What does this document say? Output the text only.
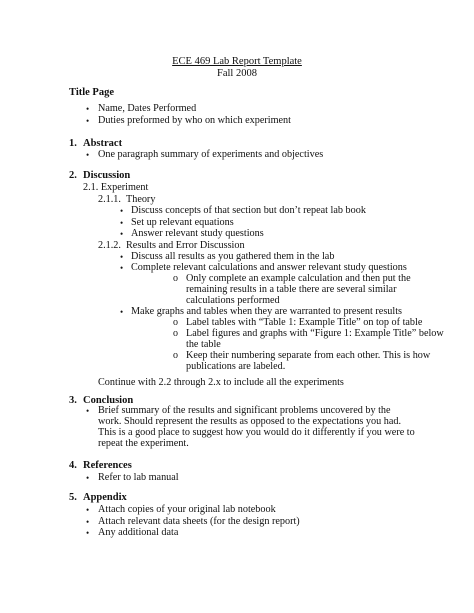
ECE 469 Lab Report Template
Fall 2008
Title Page
• Name, Dates Performed
• Duties preformed by who on which experiment
1. Abstract
• One paragraph summary of experiments and objectives
2. Discussion
2.1. Experiment
2.1.1. Theory
• Discuss concepts of that section but don’t repeat lab book
• Set up relevant equations
• Answer relevant study questions
2.1.2. Results and Error Discussion
• Discuss all results as you gathered them in the lab
• Complete relevant calculations and answer relevant study questions
o Only complete an example calculation and then put the
remaining results in a table there are several similar
calculations performed
• Make graphs and tables when they are warranted to present results
o Label tables with “Table 1: Example Title” on top of table
o Label figures and graphs with “Figure 1: Example Title” below
the table
o Keep their numbering separate from each other. This is how
publications are labeled.
Continue with 2.2 through 2.x to include all the experiments
3. Conclusion
• Brief summary of the results and significant problems uncovered by the
work. Should represent the results as opposed to the expectations you had.
This is a good place to suggest how you would do it differently if you were to
repeat the experiment.
4. References
• Refer to lab manual
5. Appendix
• Attach copies of your original lab notebook
• Attach relevant data sheets (for the design report)
• Any additional data
